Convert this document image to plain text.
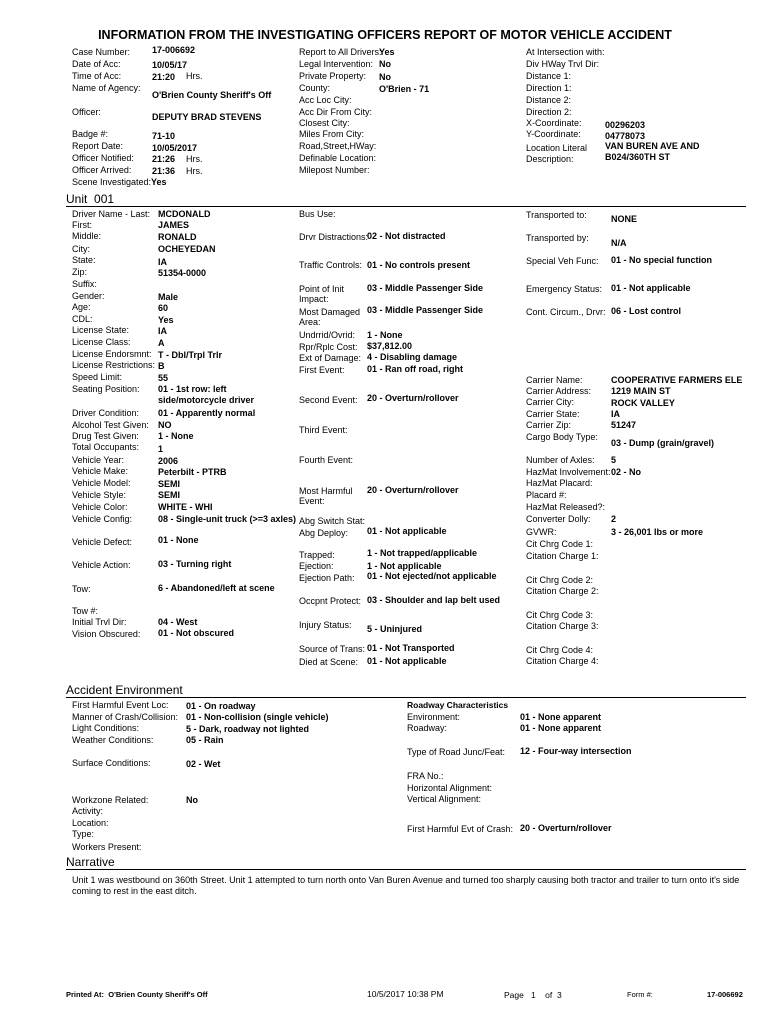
INFORMATION FROM THE INVESTIGATING OFFICERS REPORT OF MOTOR VEHICLE ACCIDENT
Case Number: 17-006692
Date of Acc:	10/05/17
Time of Acc:	21:20 Hrs.
Name of Agency:
O'Brien County Sheriff's Off
Officer:	DEPUTY BRAD STEVENS
Badge #:	71-10
Report Date:	10/05/2017
Officer Notified: 21:26 Hrs.
Officer Arrived: 21:36 Hrs.
Scene Investigated: Yes
Report to All Drivers:
Yes
Legal Intervention: No
Private Property: No
County:	O'Brien - 71
Acc Loc City:
Acc Dir From City:
Closest City:
Miles From City:
Road,Street,HWay:
Definable Location:
Milepost Number:
At Intersection with:
Div HWay Trvl Dir:
Distance 1:
Direction 1:
Distance 2:
Direction 2:
X-Coordinate:	00296203
Y-Coordinate:	04778073
Location Literal VAN BUREN AVE AND
Description:	B024/360TH ST
Unit 001
Driver Name - Last: MCDONALD
First:	JAMES
Middle:	RONALD
City:	OCHEYEDAN
State:	IA
Zip:	51354-0000
Suffix:
Gender:	Male
Age:	60
CDL:	Yes
License State:	IA
License Class:	A
License Endorsmnt: T - Dbl/Trpl Trlr
License Restrictions: B
Speed Limit:	55
Seating Position: 01 - 1st row: left
side/motorcycle driver
Driver Condition: 01 - Apparently normal
Alcohol Test Given: NO
Drug Test Given: 1 - None
Total Occupants: 1
Vehicle Year:	2006
Vehicle Make:	Peterbilt - PTRB
Vehicle Model:	SEMI
Vehicle Style:	SEMI
Vehicle Color:	WHITE - WHI
Vehicle Config:	08 - Single-unit truck (>=3 axles)
Vehicle Defect:	01 - None
Vehicle Action:	03 - Turning right
Tow:	6 - Abandoned/left at scene
Tow #:
Initial Trvl Dir:	04 - West
Vision Obscured: 01 - Not obscured
Bus Use:
Drvr Distractions:
02 - Not distracted
Traffic Controls: 01 - No controls present
Point of Init	03 - Middle Passenger Side
Impact:
Most Damaged 03 - Middle Passenger Side
Area:
Undrrid/Ovrid: 1 - None
Rpr/Rplc Cost: $37,812.00
Ext of Damage: 4 - Disabling damage
First Event: 01 - Ran off road, right
Second Event: 20 - Overturn/rollover
Third Event:
Fourth Event:
Most Harmful 20 - Overturn/rollover
Event:
Abg Switch Stat:
Abg Deploy: 01 - Not applicable
Trapped:	1 - Not trapped/applicable
Ejection:	1 - Not applicable
Ejection Path: 01 - Not ejected/not applicable
Occpnt Protect: 03 - Shoulder and lap belt used
Injury Status: 5 - Uninjured
Source of Trans: 01 - Not Transported
Died at Scene: 01 - Not applicable
Transported to:	NONE
Transported by: N/A
Special Veh Func: 01 - No special function
Emergency Status: 01 - Not applicable
Cont. Circum., Drvr: 06 - Lost control
Carrier Name:	COOPERATIVE FARMERS ELE
Carrier Address: 1219 MAIN ST
Carrier City:	ROCK VALLEY
Carrier State:	IA
Carrier Zip:	51247
Cargo Body Type:
03 - Dump (grain/gravel)
Number of Axles: 5
HazMat Involvement: 02 - No
HazMat Placard:
Placard #:
HazMat Released?:
Converter Dolly: 2
GVWR:	3 - 26,001 lbs or more
Cit Chrg Code 1:
Citation Charge 1:
Cit Chrg Code 2:
Citation Charge 2:
Cit Chrg Code 3:
Citation Charge 3:
Cit Chrg Code 4:
Citation Charge 4:
Accident Environment
First Harmful Event Loc: 01 - On roadway
Manner of Crash/Collision: 01 - Non-collision (single vehicle)
Light Conditions:	5 - Dark, roadway not lighted
Weather Conditions:	05 - Rain
Surface Conditions:	02 - Wet
Workzone Related:	No
Activity:
Location:
Type:
Workers Present:
Roadway Characteristics
Environment:	01 - None apparent
Roadway:	01 - None apparent
Type of Road Junc/Feat: 12 - Four-way intersection
FRA No.:
Horizontal Alignment:
Vertical Alignment:
First Harmful Evt of Crash: 20 - Overturn/rollover
Narrative
Unit 1 was westbound on 360th Street. Unit 1 attempted to turn north onto Van Buren Avenue and turned too sharply causing both tractor and trailer to turn onto it's side coming to rest in the east ditch.
Printed At: O'Brien County Sheriff's Off	10/5/2017 10:38 PM	Page 1 of 3	Form #:	17-006692
